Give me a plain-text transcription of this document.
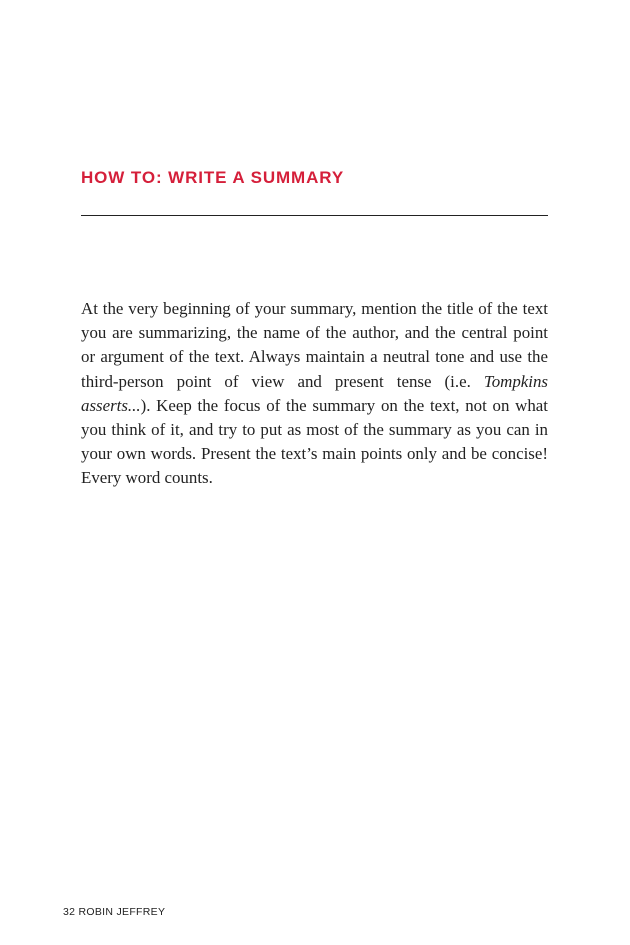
HOW TO: WRITE A SUMMARY

At the very beginning of your summary, mention the title of the text you are summarizing, the name of the author, and the central point or argument of the text. Always maintain a neutral tone and use the third-person point of view and present tense (i.e. Tompkins asserts...). Keep the focus of the summary on the text, not on what you think of it, and try to put as most of the summary as you can in your own words. Present the text’s main points only and be concise! Every word counts.

32 ROBIN JEFFREY
